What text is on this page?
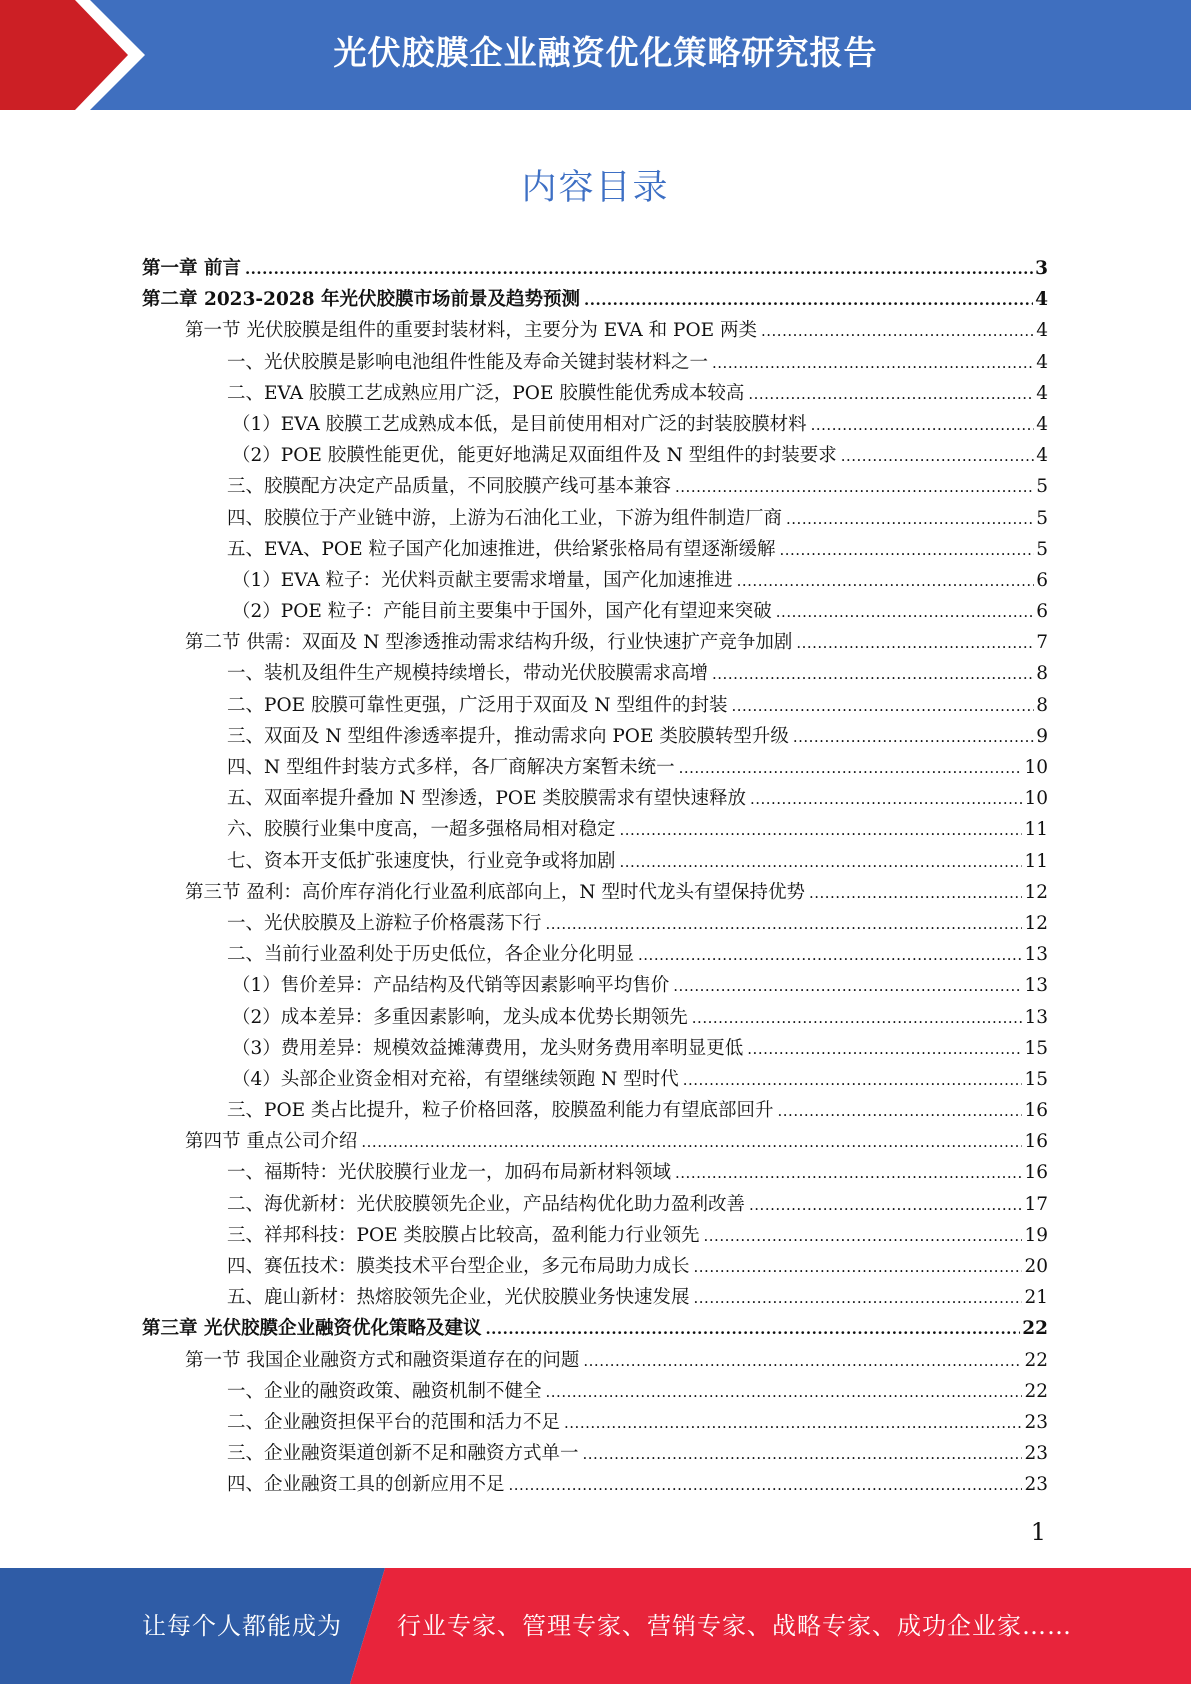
光伏胶膜企业融资优化策略研究报告
内容目录
第一章 前言 .....	3
第二章 2023-2028 年光伏胶膜市场前景及趋势预测 .....	4
第一节 光伏胶膜是组件的重要封装材料，主要分为 EVA 和 POE 两类 .....	4
一、光伏胶膜是影响电池组件性能及寿命关键封装材料之一 .....	4
二、EVA 胶膜工艺成熟应用广泛，POE 胶膜性能优秀成本较高 .....	4
（1）EVA 胶膜工艺成熟成本低，是目前使用相对广泛的封装胶膜材料 .....	4
（2）POE 胶膜性能更优，能更好地满足双面组件及 N 型组件的封装要求 .....	4
三、胶膜配方决定产品质量，不同胶膜产线可基本兼容 .....	5
四、胶膜位于产业链中游，上游为石油化工业，下游为组件制造厂商 .....	5
五、EVA、POE 粒子国产化加速推进，供给紧张格局有望逐渐缓解 .....	5
（1）EVA 粒子：光伏料贡献主要需求增量，国产化加速推进 .....	6
（2）POE 粒子：产能目前主要集中于国外，国产化有望迎来突破 .....	6
第二节 供需：双面及 N 型渗透推动需求结构升级，行业快速扩产竞争加剧 .....	7
一、装机及组件生产规模持续增长，带动光伏胶膜需求高增 .....	8
二、POE 胶膜可靠性更强，广泛用于双面及 N 型组件的封装 .....	8
三、双面及 N 型组件渗透率提升，推动需求向 POE 类胶膜转型升级 .....	9
四、N 型组件封装方式多样，各厂商解决方案暂未统一 .....	10
五、双面率提升叠加 N 型渗透，POE 类胶膜需求有望快速释放 .....	10
六、胶膜行业集中度高，一超多强格局相对稳定 .....	11
七、资本开支低扩张速度快，行业竞争或将加剧 .....	11
第三节 盈利：高价库存消化行业盈利底部向上，N 型时代龙头有望保持优势 .....	12
一、光伏胶膜及上游粒子价格震荡下行 .....	12
二、当前行业盈利处于历史低位，各企业分化明显 .....	13
（1）售价差异：产品结构及代销等因素影响平均售价 .....	13
（2）成本差异：多重因素影响，龙头成本优势长期领先 .....	13
（3）费用差异：规模效益摊薄费用，龙头财务费用率明显更低 .....	15
（4）头部企业资金相对充裕，有望继续领跑 N 型时代 .....	15
三、POE 类占比提升，粒子价格回落，胶膜盈利能力有望底部回升 .....	16
第四节 重点公司介绍 .....	16
一、福斯特：光伏胶膜行业龙一，加码布局新材料领域 .....	16
二、海优新材：光伏胶膜领先企业，产品结构优化助力盈利改善 .....	17
三、祥邦科技：POE 类胶膜占比较高，盈利能力行业领先 .....	19
四、赛伍技术：膜类技术平台型企业，多元布局助力成长 .....	20
五、鹿山新材：热熔胶领先企业，光伏胶膜业务快速发展 .....	21
第三章 光伏胶膜企业融资优化策略及建议 .....	22
第一节 我国企业融资方式和融资渠道存在的问题 .....	22
一、企业的融资政策、融资机制不健全 .....	22
二、企业融资担保平台的范围和活力不足 .....	23
三、企业融资渠道创新不足和融资方式单一 .....	23
四、企业融资工具的创新应用不足 .....	23
1
让每个人都能成为 行业专家、管理专家、营销专家、战略专家、成功企业家……
